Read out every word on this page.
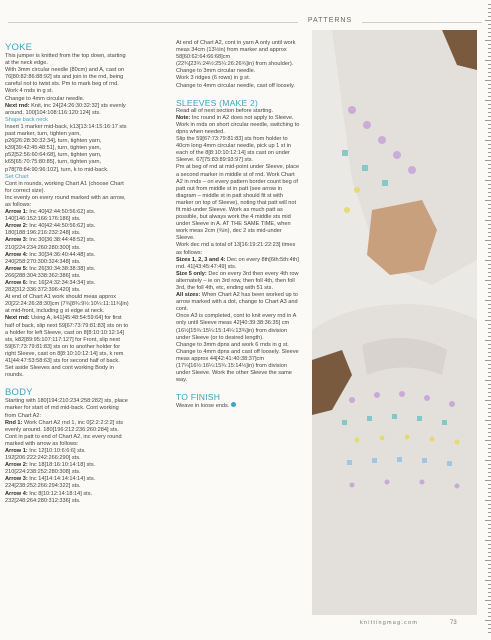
PATTERNS
YOKE

This jumper is knitted from the top down, starting at the neck edge.

With 3mm circular needle (80cm) and A, cast on 76[80:82:86:88:92] sts and join in the rnd, being careful not to twist sts. Pm to mark beg of rnd.

Work 4 rnds in g st.

Change to 4mm circular needle.

Next rnd: Knit, inc 24[24:26:30:32:32] sts evenly around. 100[104:108:116:120:124] sts.

Shape back neck

Insert 1 marker mid-back, k13[13:14:15:16:17 sts past marker, turn, tighten yarn, p26[26:28:30:32:34], turn, tighten yarn, k39[39:42:45:48:51], turn, tighten yarn, p52[52:56:60:64:68], turn, tighten yarn, k65[65:70:75:80:85], turn, tighten yarn, p78[78:84:90:96:102], turn, k to mid-back.

Set Chart

Cont in rounds, working Chart A1 (choose Chart for correct size).

Inc evenly on every round marked with an arrow, as follows:

Arrow 1: Inc 40[42:44:50:56:62] sts. 140[146:152:166:176:186] sts.

Arrow 2: Inc 40[42:44:50:56:62] sts. 180[188:196:216:232:248] sts.

Arrow 3: Inc 30[36:38:44:48:52] sts. 210[224:234:260:280:300] sts.

Arrow 4: Inc 30[34:36:40:44:48] sts. 240[258:270:300:324:348] sts.

Arrow 5: Inc 26[30:34:38:38:38] sts. 266[288:304:338:362:386] sts.

Arrow 6: Inc 16[24:32:34:34:34] sts. 282[312:336:372:396:420] sts.

At end of Chart A1 work should meas approx 20[22:24:26:28:30]cm (7¾[8¾:9½:10¼:11:11¾]in) at mid-front, including g st edge at neck.

Next rnd: Using A, k41[45:48:54:59:64] for first half of back, slip next 59[67:73:79:81:83] sts on to a holder for left Sleeve, cast on 8[8:10:10:12:14] sts, k82[89:95:107:117:127] for Front, slip next 59[67:73:79:81:83] sts on to another holder for right Sleeve, cast on 8[8:10:10:12:14] sts, k rem 41[44:47:53:58:63] sts for second half of back. Set aside Sleeves and cont working Body in rounds.

BODY

Starting with 180[194:210:234:258:282] sts, place marker for start of rnd mid-back. Cont working from Chart A2:

Rnd 1: Work Chart A2 rnd 1, inc 0[2:2:2:2:2] sts evenly around. 180[196:212:236:260:284] sts.

Cont in patt to end of Chart A2, inc every round marked with arrow as follows:

Arrow 1: Inc 12[10:10:6:6:6] sts. 192[206:222:242:266:290] sts.

Arrow 2: Inc 18[18:16:10:14:18] sts. 210[224:238:252:280:308] sts.

Arrow 3: Inc 14[14:14:14:14:14] sts. 224[238:252:266:294:322] sts.

Arrow 4: Inc 8[10:12:14:18:14] sts. 232[248:264:280:312:336] sts.

At end of Chart A2, cont in yarn A only until work meas 34cm (13½in) from marker and approx 58[60:62:64:66:68]cm (22¾[23¾:24½:25¼:26:26¾]in) from shoulder).

Change to 3mm circular needle.

Work 3 ridges (6 rows) in g st.

Change to 4mm circular needle, cast off loosely.

SLEEVES (MAKE 2)

Read all of next section before starting.

Note: Inc round in A2 does not apply to Sleeve.

Work in rnds on short circular needle, switching to dpns when needed.

Slip the 59[67:73:79:81:83] sts from holder to 40cm long 4mm circular needle, pick up 1 st in each of the 8[8:10:10:12:14] sts cast on under Sleeve. 67[75:83:89:93:97] sts.

Pm at beg of rnd at mid-point under Sleeve, place a second marker in middle st of rnd. Work Chart A2 in rnds – on every pattern border count beg of patt out from middle st in patt (see arrow in diagram – middle st in patt should fit st with marker on top of Sleeve), noting that patt will not fit mid-under Sleeve. Work as much patt as possible, but always work the 4 middle sts mid under Sleeve in A. AT THE SAME TIME, when work meas 2cm (¾in), dec 2 sts mid-under Sleeve.

Work dec rnd a total of 13[16:19:21:22:23] times as follows:

Sizes 1, 2, 3 and 4: Dec on every 8th[6th:5th:4th] rnd. 41[43:45:47:49] sts.

Size 5 only: Dec on every 3rd then every 4th row alternately – ie on 3rd row, then foll 4th, then foll 3rd, the foll 4th, etc, ending with 51 sts.

All sizes: When Chart A2 has been worked up to arrow marked with a dot, change to Chart A3 and cont.

Once A3 is completed, cont to knit every rnd in A only until Sleeve meas 42[40:39:38:36:35] cm (16½[15¾:15¼:15:14¼:13¾]in) from division under Sleeve (or to desired length).

Change to 3mm dpns and work 6 rnds in g st.

Change to 4mm dpns and cast off loosely. Sleeve meas approx 44[42:41:40:38:37]cm (17¼[16½:16¼:15¾:15:14½]in) from division under Sleeve. Work the other Sleeve the same way.

TO FINISH

Weave in loose ends.

knittingmag.com	73
